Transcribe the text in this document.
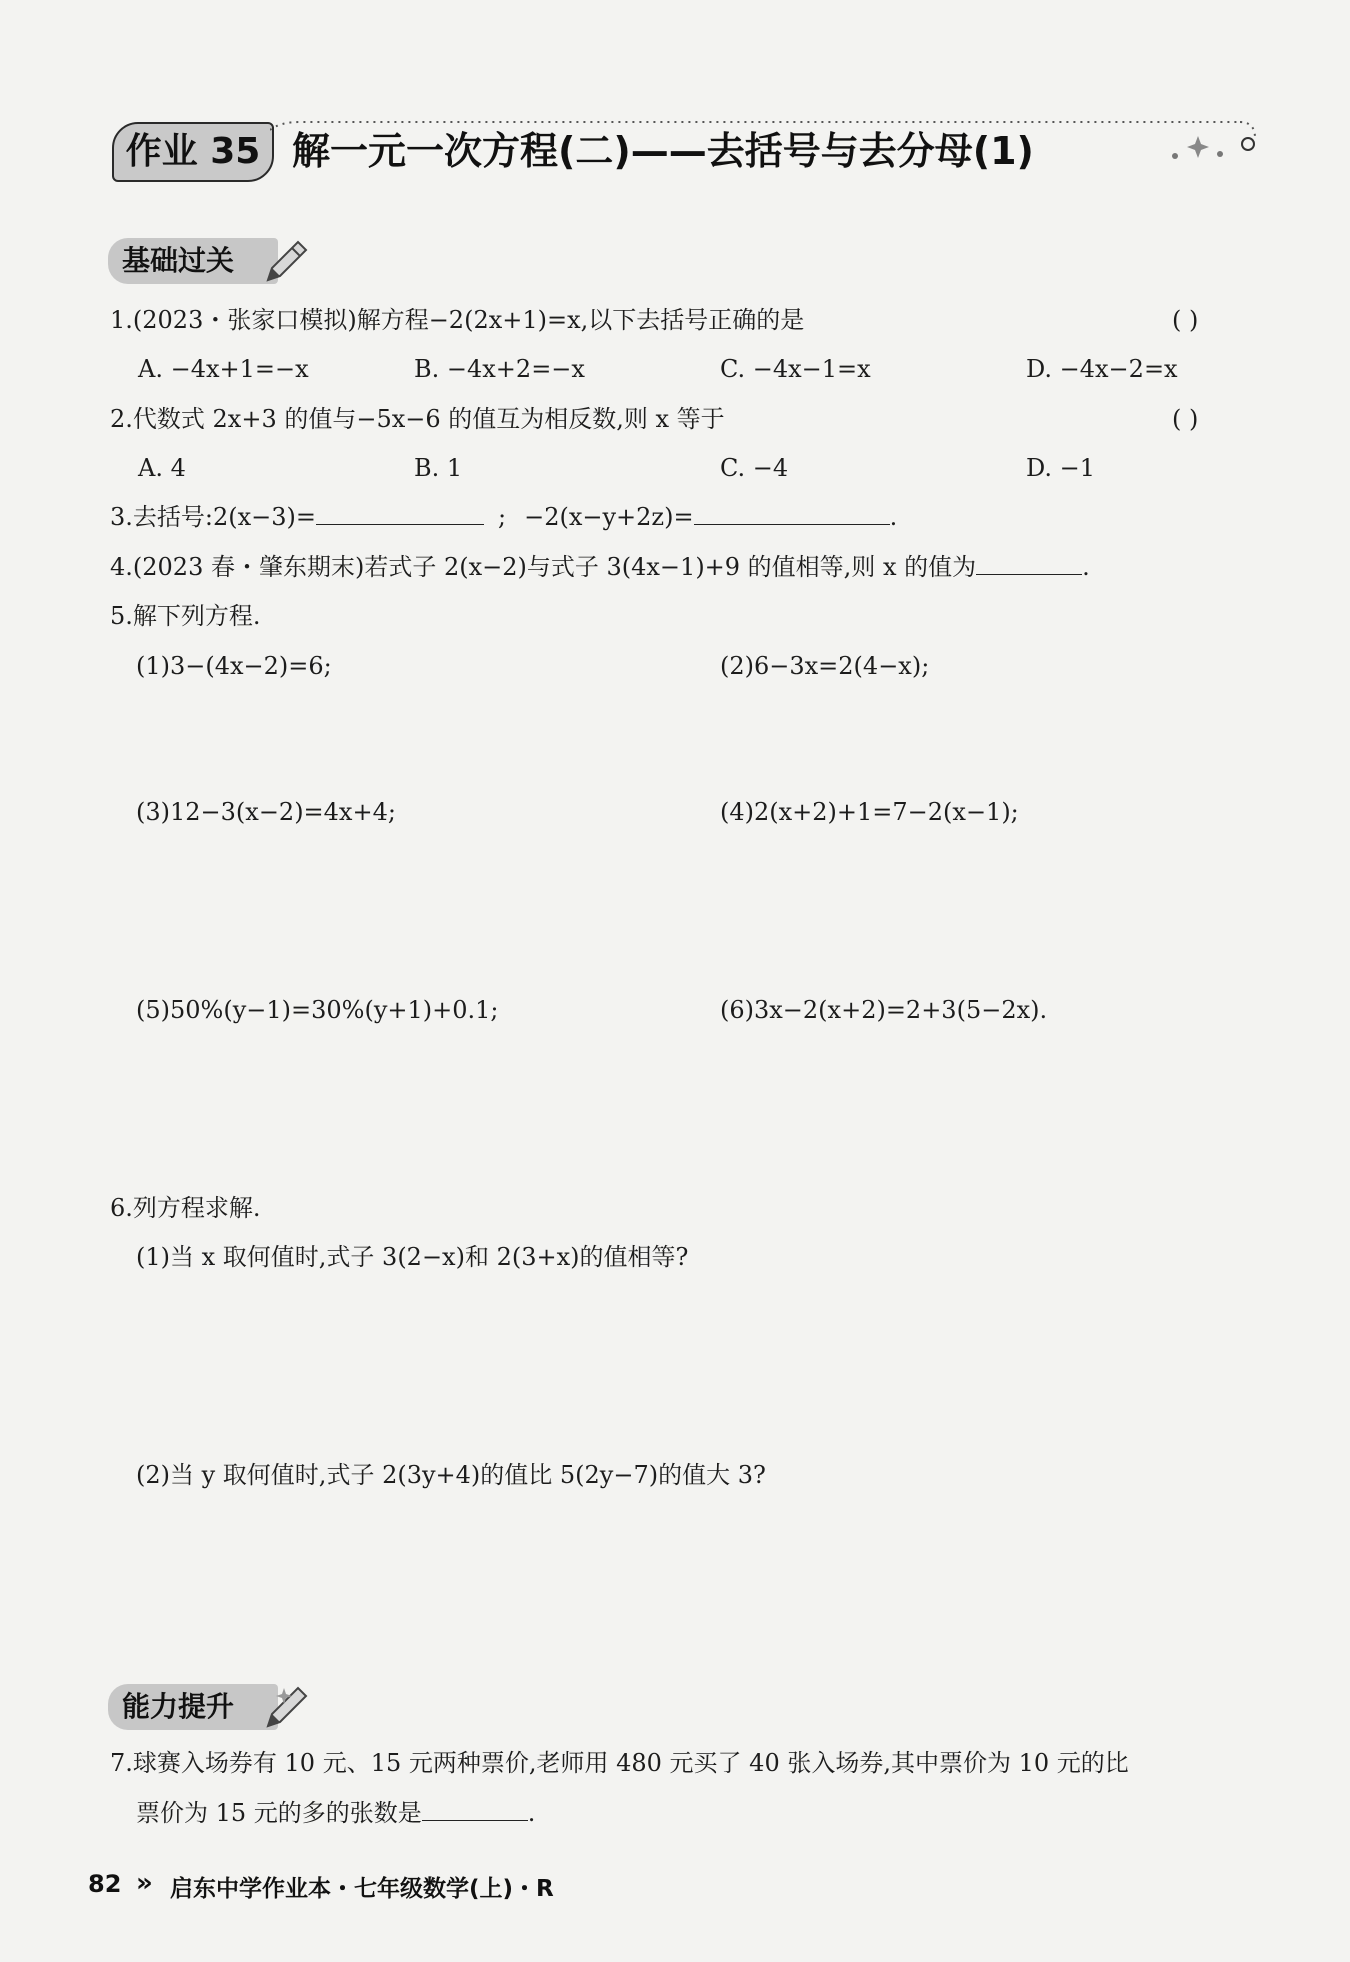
作业 35 解一元一次方程(二)——去括号与去分母(1)
基础过关
1.(2023・张家口模拟)解方程−2(2x+1)=x,以下去括号正确的是	( )
A. −4x+1=−x	B. −4x+2=−x	C. −4x−1=x	D. −4x−2=x
2.代数式 2x+3 的值与−5x−6 的值互为相反数,则 x 等于	( )
A. 4	B. 1	C. −4	D. −1
3.去括号:2(x−3)=	; −2(x−y+2z)=	.
4.(2023 春・肇东期末)若式子 2(x−2)与式子 3(4x−1)+9 的值相等,则 x 的值为	.
5.解下列方程.
(1)3−(4x−2)=6;	(2)6−3x=2(4−x);
(3)12−3(x−2)=4x+4;	(4)2(x+2)+1=7−2(x−1);
(5)50%(y−1)=30%(y+1)+0.1;	(6)3x−2(x+2)=2+3(5−2x).
6.列方程求解.
(1)当 x 取何值时,式子 3(2−x)和 2(3+x)的值相等?
(2)当 y 取何值时,式子 2(3y+4)的值比 5(2y−7)的值大 3?
能力提升
7.球赛入场券有 10 元、15 元两种票价,老师用 480 元买了 40 张入场券,其中票价为 10 元的比
票价为 15 元的多的张数是	.
82 » 启东中学作业本・七年级数学(上)・R
